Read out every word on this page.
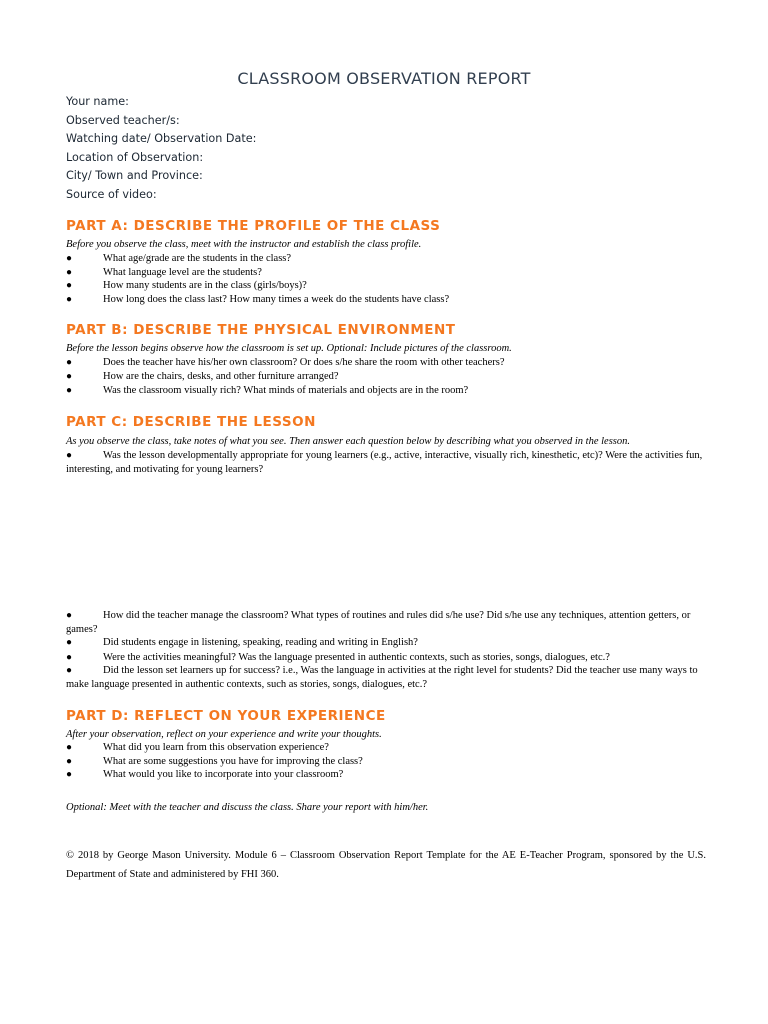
CLASSROOM OBSERVATION REPORT
Your name:
Observed teacher/s:
Watching date/ Observation Date:
Location of Observation:
City/ Town and Province:
Source of video:
PART A: DESCRIBE THE PROFILE OF THE CLASS
Before you observe the class, meet with the instructor and establish the class profile.
●	What age/grade are the students in the class?
●	What language level are the students?
●	How many students are in the class (girls/boys)?
●	How long does the class last? How many times a week do the students have class?
PART B: DESCRIBE THE PHYSICAL ENVIRONMENT
Before the lesson begins observe how the classroom is set up. Optional: Include pictures of the classroom.
●	Does the teacher have his/her own classroom? Or does s/he share the room with other teachers?
●	How are the chairs, desks, and other furniture arranged?
●	Was the classroom visually rich? What minds of materials and objects are in the room?
PART C: DESCRIBE THE LESSON
As you observe the class, take notes of what you see. Then answer each question below by describing what you observed in the lesson.
●	Was the lesson developmentally appropriate for young learners (e.g., active, interactive, visually rich, kinesthetic, etc)? Were the activities fun, interesting, and motivating for young learners?
●	How did the teacher manage the classroom? What types of routines and rules did s/he use? Did s/he use any techniques, attention getters, or games?
●	Did students engage in listening, speaking, reading and writing in English?
●	Were the activities meaningful? Was the language presented in authentic contexts, such as stories, songs, dialogues, etc.?
●	Did the lesson set learners up for success? i.e., Was the language in activities at the right level for students? Did the teacher use many ways to make language presented in authentic contexts, such as stories, songs, dialogues, etc.?
PART D: REFLECT ON YOUR EXPERIENCE
After your observation, reflect on your experience and write your thoughts.
●	What did you learn from this observation experience?
●	What are some suggestions you have for improving the class?
●	What would you like to incorporate into your classroom?
Optional: Meet with the teacher and discuss the class. Share your report with him/her.
© 2018 by George Mason University. Module 6 – Classroom Observation Report Template for the AE E-Teacher Program, sponsored by the U.S. Department of State and administered by FHI 360.
